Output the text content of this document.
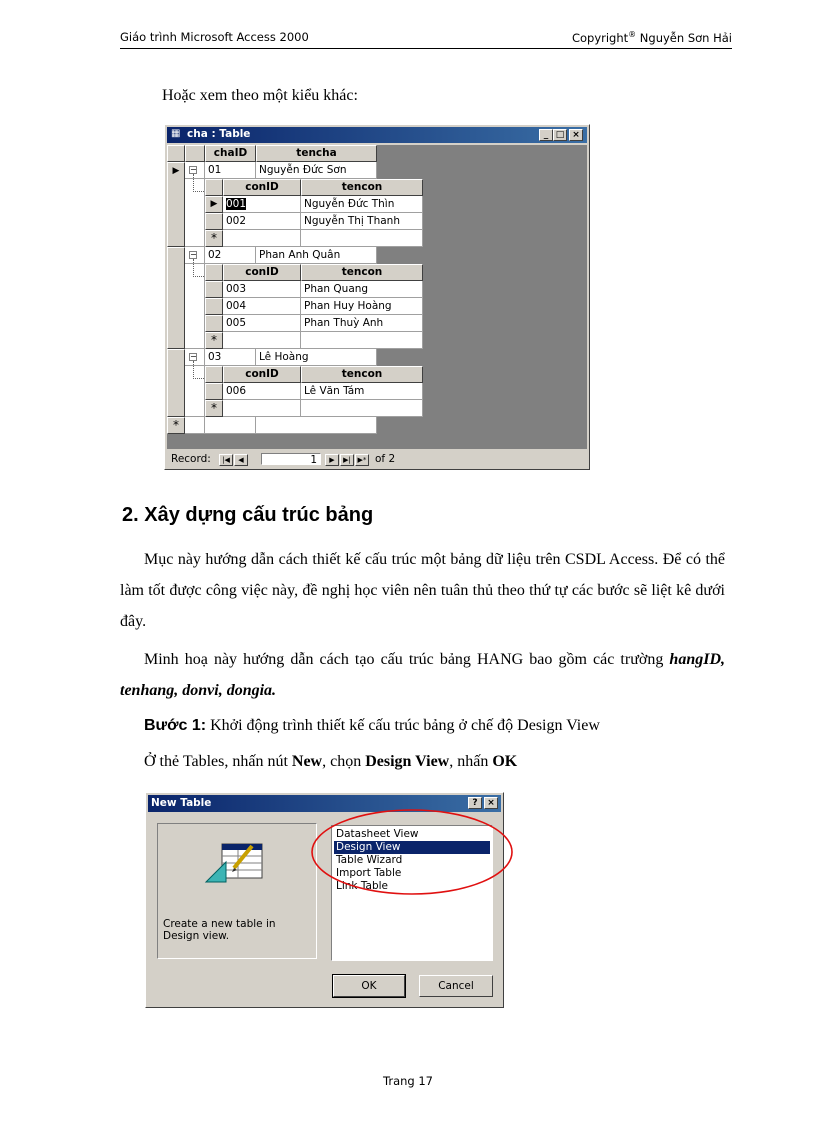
Giáo trình Microsoft Access 2000	Copyright® Nguyễn Sơn Hải
Hoặc xem theo một kiểu khác:
▦ cha : Table	_ □ ×
chaID	tencha
− 01	Nguyễn Đức Sơn
conID	tencon
▶ 001	Nguyễn Đức Thìn
002	Nguyễn Thị Thanh
*
▶
− 02	Phan Anh Quân
conID	tencon
003	Phan Quang
004	Phan Huy Hoàng
005	Phan Thuỳ Anh
*
− 03	Lê Hoàng
conID	tencon
006	Lê Văn Tám
*
*
Record:	|◀	◀	1	▶	▶| ▶* of 2
2. Xây dựng cấu trúc bảng
Mục này hướng dẫn cách thiết kế cấu trúc một bảng dữ liệu trên CSDL Access. Để có thể làm tốt được công việc này, đề nghị học viên nên tuân thủ theo thứ tự các bước sẽ liệt kê dưới đây.
Minh hoạ này hướng dẫn cách tạo cấu trúc bảng HANG bao gồm các trường hangID, tenhang, donvi, dongia.
Bước 1: Khởi động trình thiết kế cấu trúc bảng ở chế độ Design View
Ở thẻ Tables, nhấn nút New, chọn Design View, nhấn OK
New Table	?	×
Create a new table in Design view.
Datasheet View
Design View
Table Wizard
Import Table
Link Table
OK	Cancel
Trang 17
